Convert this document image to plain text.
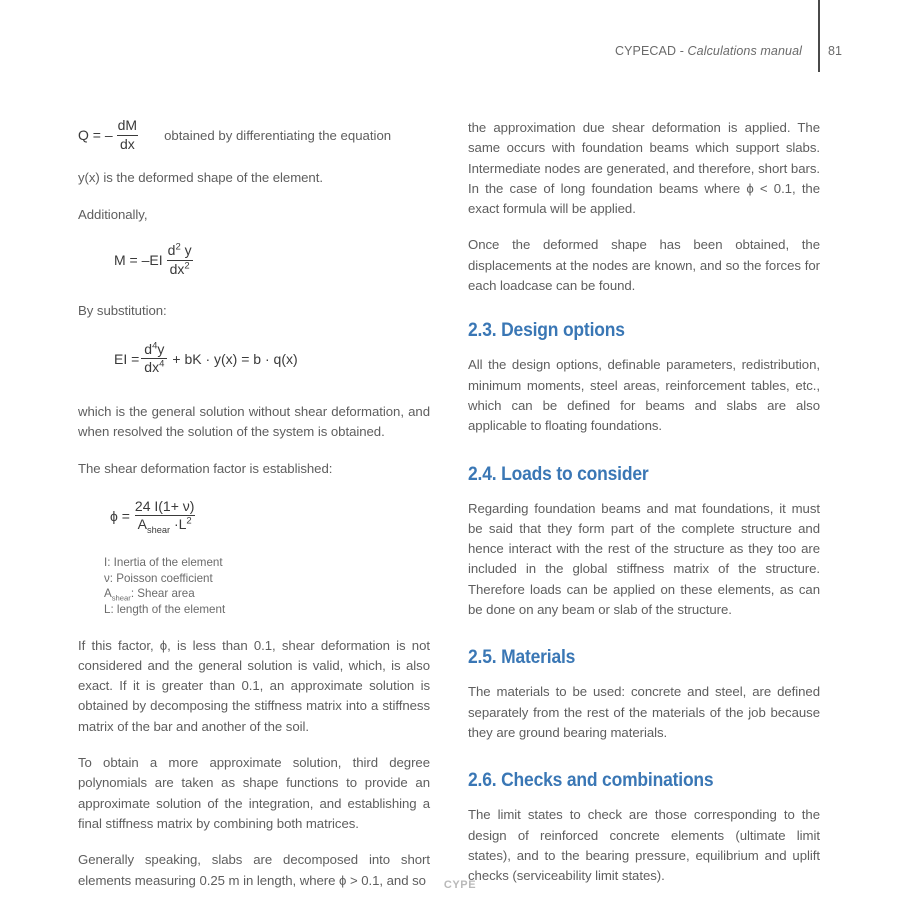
CYPECAD - Calculations manual 81
Q = – $\frac{dM}{dx}$ obtained by differentiating the equation

y(x) is the deformed shape of the element.

Additionally,

$M = -EI \frac{d^2 y}{dx^2}$

By substitution:

EI = $\frac{d^4y}{dx^4}$ + bK · y(x) = b · q(x)

which is the general solution without shear deformation, and when resolved the solution of the system is obtained.

The shear deformation factor is established:

$\phi = \frac{24 I(1+ \nu)}{A_{shear} \cdot L^2}$
I: Inertia of the element
ν: Poisson coefficient
$A_{shear}$: Shear area
L: length of the element

If this factor, ϕ, is less than 0.1, shear deformation is not considered and the general solution is valid, which, is also exact. If it is greater than 0.1, an approximate solution is obtained by decomposing the stiffness matrix into a stiffness matrix of the bar and another of the soil.

To obtain a more approximate solution, third degree polynomials are taken as shape functions to provide an approximate solution of the integration, and establishing a final stiffness matrix by combining both matrices.

Generally speaking, slabs are decomposed into short elements measuring 0.25 m in length, where ϕ > 0.1, and so

the approximation due shear deformation is applied. The same occurs with foundation beams which support slabs. Intermediate nodes are generated, and therefore, short bars. In the case of long foundation beams where ϕ < 0.1, the exact formula will be applied.

Once the deformed shape has been obtained, the displacements at the nodes are known, and so the forces for each loadcase can be found.

2.3. Design options

All the design options, definable parameters, redistribution, minimum moments, steel areas, reinforcement tables, etc., which can be defined for beams and slabs are also applicable to floating foundations.

2.4. Loads to consider

Regarding foundation beams and mat foundations, it must be said that they form part of the complete structure and hence interact with the rest of the structure as they too are included in the global stiffness matrix of the structure. Therefore loads can be applied on these elements, as can be done on any beam or slab of the structure.

2.5. Materials

The materials to be used: concrete and steel, are defined separately from the rest of the materials of the job because they are ground bearing materials.

2.6. Checks and combinations

The limit states to check are those corresponding to the design of reinforced concrete elements (ultimate limit states), and to the bearing pressure, equilibrium and uplift checks (serviceability limit states).

CYPE
